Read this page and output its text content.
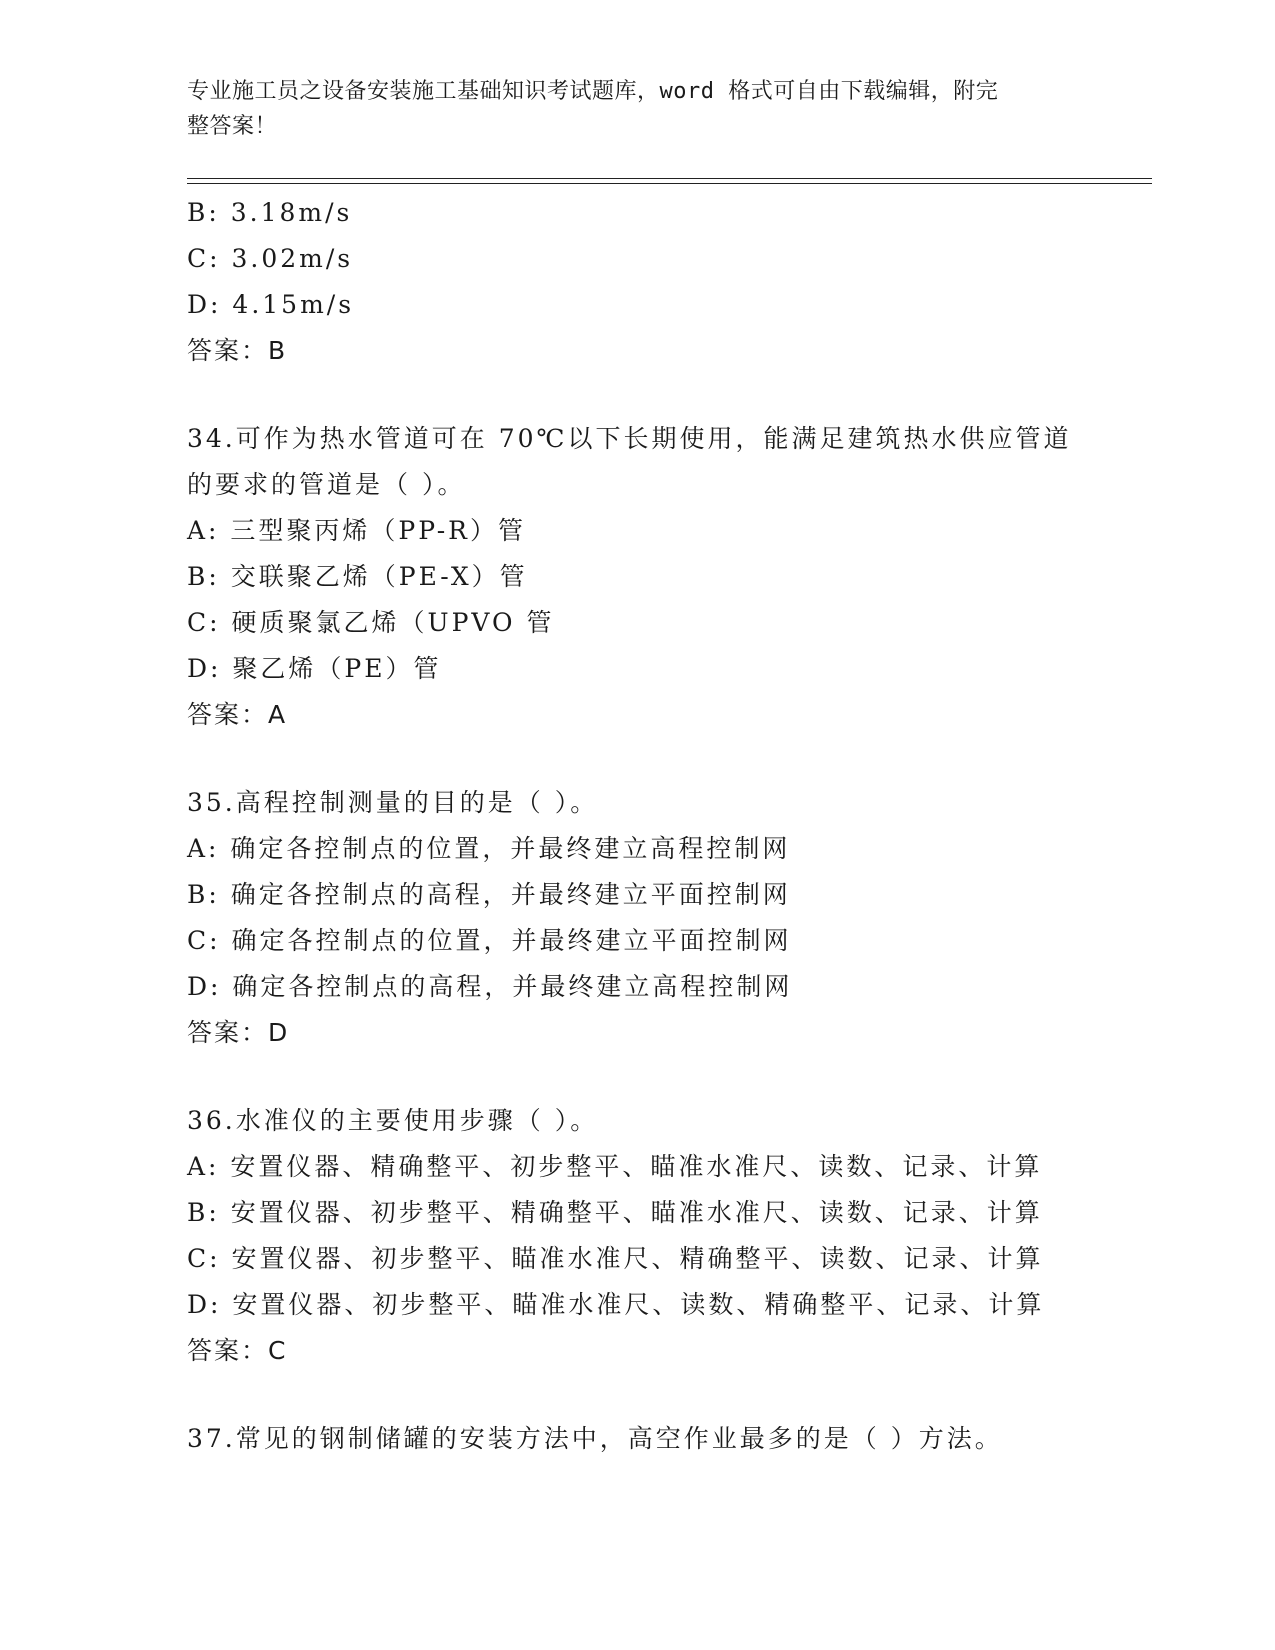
专业施工员之设备安装施工基础知识考试题库，word 格式可自由下载编辑，附完
整答案！
B: 3.18m/s
C: 3.02m/s
D: 4.15m/s
答案：B
34.可作为热水管道可在 70℃以下长期使用，能满足建筑热水供应管道
的要求的管道是（ ）。
A: 三型聚丙烯（PP-R）管
B: 交联聚乙烯（PE-X）管
C: 硬质聚氯乙烯（UPVO 管
D: 聚乙烯（PE）管
答案：A
35.高程控制测量的目的是（ ）。
A: 确定各控制点的位置，并最终建立高程控制网
B: 确定各控制点的高程，并最终建立平面控制网
C: 确定各控制点的位置，并最终建立平面控制网
D: 确定各控制点的高程，并最终建立高程控制网
答案：D
36.水准仪的主要使用步骤（ ）。
A: 安置仪器、精确整平、初步整平、瞄准水准尺、读数、记录、计算
B: 安置仪器、初步整平、精确整平、瞄准水准尺、读数、记录、计算
C: 安置仪器、初步整平、瞄准水准尺、精确整平、读数、记录、计算
D: 安置仪器、初步整平、瞄准水准尺、读数、精确整平、记录、计算
答案：C
37.常见的钢制储罐的安装方法中，高空作业最多的是（ ）方法。
